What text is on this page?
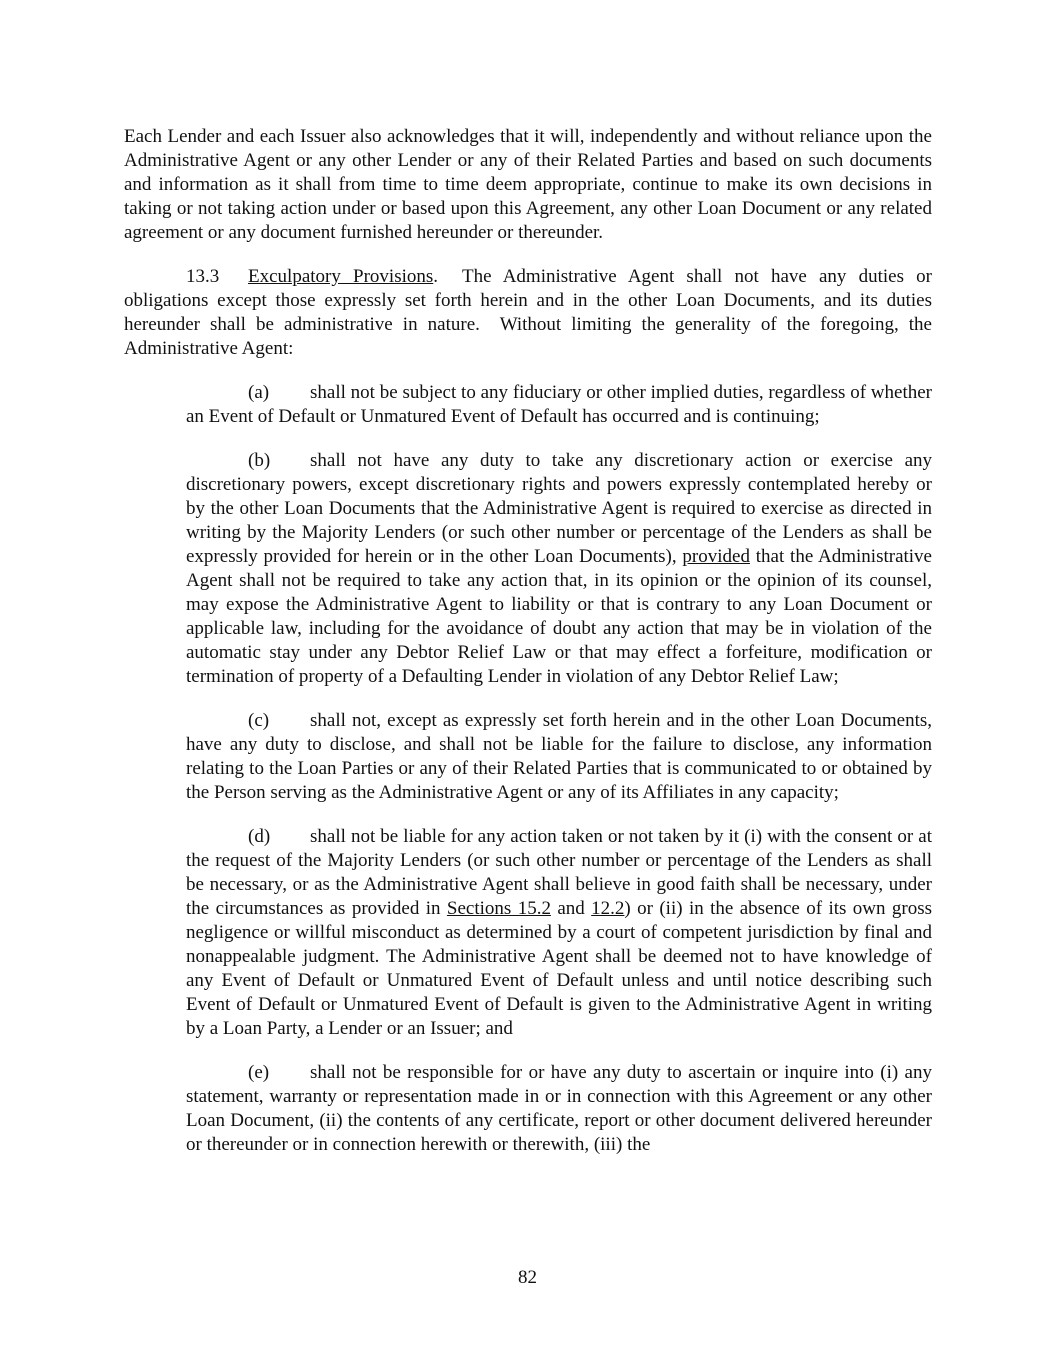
Each Lender and each Issuer also acknowledges that it will, independently and without reliance upon the Administrative Agent or any other Lender or any of their Related Parties and based on such documents and information as it shall from time to time deem appropriate, continue to make its own decisions in taking or not taking action under or based upon this Agreement, any other Loan Document or any related agreement or any document furnished hereunder or thereunder.

13.3 Exculpatory Provisions.  The Administrative Agent shall not have any duties or obligations except those expressly set forth herein and in the other Loan Documents, and its duties hereunder shall be administrative in nature.  Without limiting the generality of the foregoing, the Administrative Agent:

(a) shall not be subject to any fiduciary or other implied duties, regardless of whether an Event of Default or Unmatured Event of Default has occurred and is continuing;

(b) shall not have any duty to take any discretionary action or exercise any discretionary powers, except discretionary rights and powers expressly contemplated hereby or by the other Loan Documents that the Administrative Agent is required to exercise as directed in writing by the Majority Lenders (or such other number or percentage of the Lenders as shall be expressly provided for herein or in the other Loan Documents), provided that the Administrative Agent shall not be required to take any action that, in its opinion or the opinion of its counsel, may expose the Administrative Agent to liability or that is contrary to any Loan Document or applicable law, including for the avoidance of doubt any action that may be in violation of the automatic stay under any Debtor Relief Law or that may effect a forfeiture, modification or termination of property of a Defaulting Lender in violation of any Debtor Relief Law;

(c) shall not, except as expressly set forth herein and in the other Loan Documents, have any duty to disclose, and shall not be liable for the failure to disclose, any information relating to the Loan Parties or any of their Related Parties that is communicated to or obtained by the Person serving as the Administrative Agent or any of its Affiliates in any capacity;

(d) shall not be liable for any action taken or not taken by it (i) with the consent or at the request of the Majority Lenders (or such other number or percentage of the Lenders as shall be necessary, or as the Administrative Agent shall believe in good faith shall be necessary, under the circumstances as provided in Sections 15.2 and 12.2) or (ii) in the absence of its own gross negligence or willful misconduct as determined by a court of competent jurisdiction by final and nonappealable judgment. The Administrative Agent shall be deemed not to have knowledge of any Event of Default or Unmatured Event of Default unless and until notice describing such Event of Default or Unmatured Event of Default is given to the Administrative Agent in writing by a Loan Party, a Lender or an Issuer; and

(e) shall not be responsible for or have any duty to ascertain or inquire into (i) any statement, warranty or representation made in or in connection with this Agreement or any other Loan Document, (ii) the contents of any certificate, report or other document delivered hereunder or thereunder or in connection herewith or therewith, (iii) the

82
